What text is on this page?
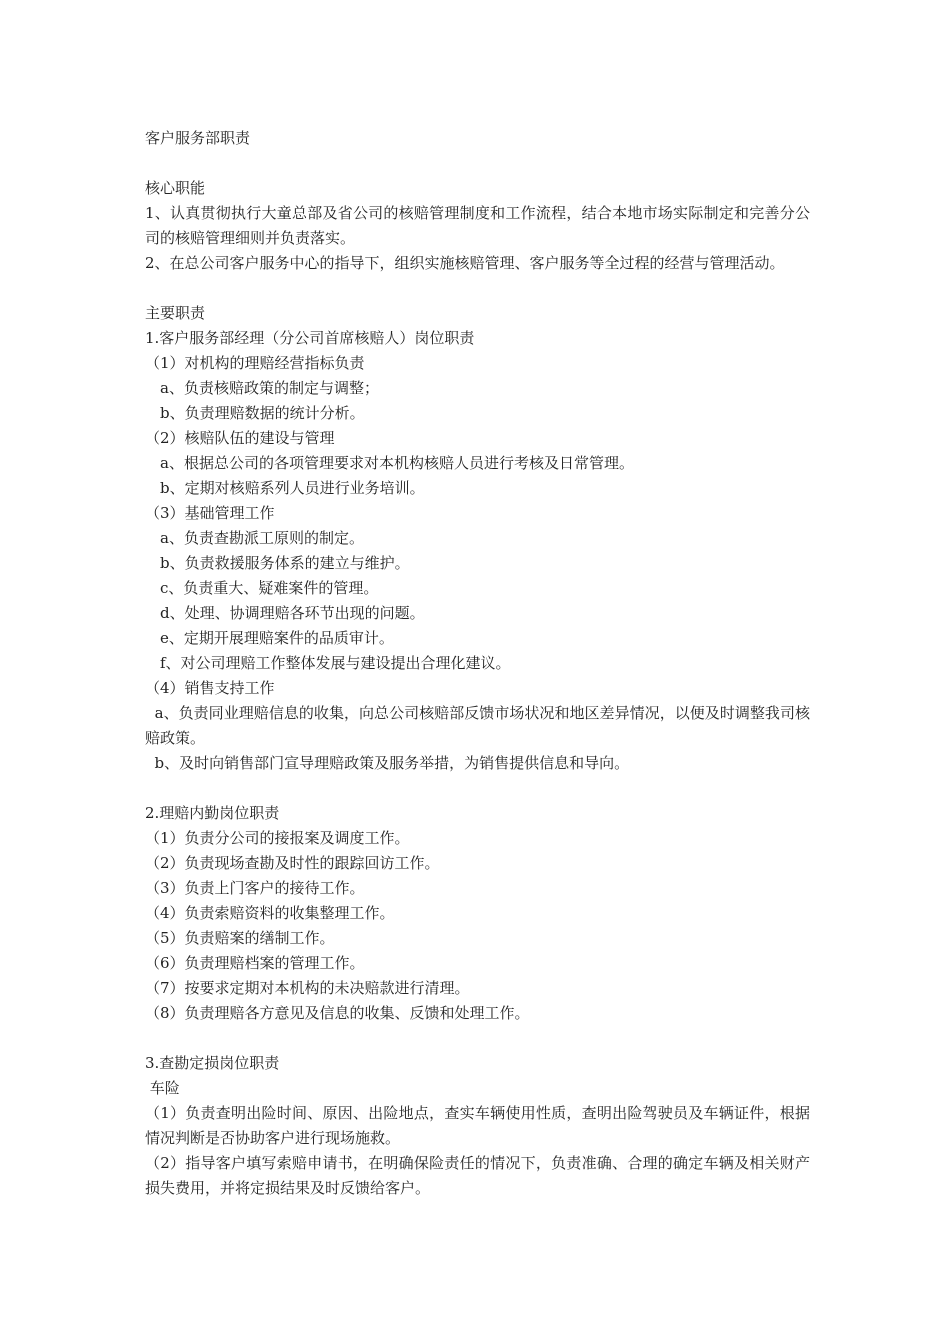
客户服务部职责
核心职能
1、认真贯彻执行大童总部及省公司的核赔管理制度和工作流程，结合本地市场实际制定和完善分公司的核赔管理细则并负责落实。
2、在总公司客户服务中心的指导下，组织实施核赔管理、客户服务等全过程的经营与管理活动。
主要职责
1.客户服务部经理（分公司首席核赔人）岗位职责
（1）对机构的理赔经营指标负责
a、负责核赔政策的制定与调整；
b、负责理赔数据的统计分析。
（2）核赔队伍的建设与管理
a、根据总公司的各项管理要求对本机构核赔人员进行考核及日常管理。
b、定期对核赔系列人员进行业务培训。
（3）基础管理工作
a、负责查勘派工原则的制定。
b、负责救援服务体系的建立与维护。
c、负责重大、疑难案件的管理。
d、处理、协调理赔各环节出现的问题。
e、定期开展理赔案件的品质审计。
f、对公司理赔工作整体发展与建设提出合理化建议。
（4）销售支持工作
a、负责同业理赔信息的收集，向总公司核赔部反馈市场状况和地区差异情况，以便及时调整我司核赔政策。
b、及时向销售部门宣导理赔政策及服务举措，为销售提供信息和导向。
2.理赔内勤岗位职责
（1）负责分公司的接报案及调度工作。
（2）负责现场查勘及时性的跟踪回访工作。
（3）负责上门客户的接待工作。
（4）负责索赔资料的收集整理工作。
（5）负责赔案的缮制工作。
（6）负责理赔档案的管理工作。
（7）按要求定期对本机构的未决赔款进行清理。
（8）负责理赔各方意见及信息的收集、反馈和处理工作。
3.查勘定损岗位职责
车险
（1）负责查明出险时间、原因、出险地点，查实车辆使用性质，查明出险驾驶员及车辆证件，根据情况判断是否协助客户进行现场施救。
（2）指导客户填写索赔申请书，在明确保险责任的情况下，负责准确、合理的确定车辆及相关财产损失费用，并将定损结果及时反馈给客户。
